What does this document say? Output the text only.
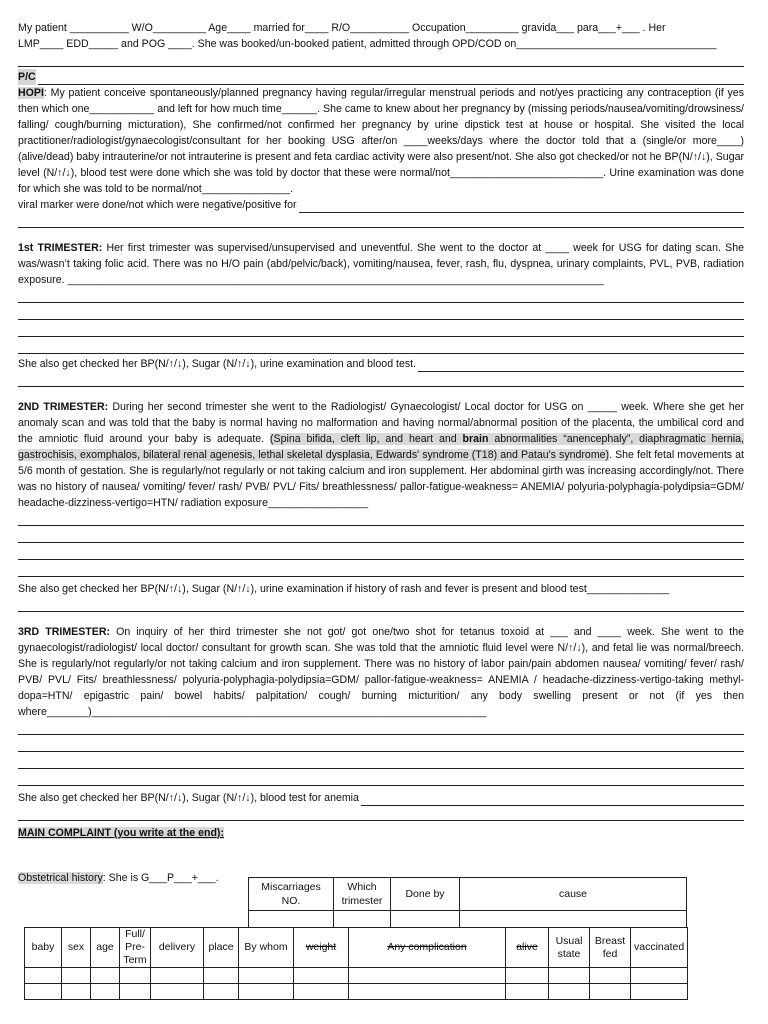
My patient __________ W/O_________ Age____ married for____ R/O__________ Occupation_________ gravida___ para___+___ . Her

LMP____ EDD_____ and POG ____. She was booked/un-booked patient, admitted through OPD/COD on__________________________________

P/C

HOPI: My patient conceive spontaneously/planned pregnancy having regular/irregular menstrual periods and not/yes practicing any contraception (if yes then which one___________ and left for how much time______. She came to knew about her pregnancy by (missing periods/nausea/vomiting/drowsiness/ falling/ cough/burning micturation), She confirmed/not confirmed her pregnancy by urine dipstick test at house or hospital. She visited the local practitioner/radiologist/gynaecologist/consultant for her booking USG after/on ____weeks/days where the doctor told that a (single/or more____) (alive/dead) baby intrauterine/or not intrauterine is present and feta cardiac activity were also present/not. She also got checked/or not he BP(N/↑/↓), Sugar level (N/↑/↓), blood test were done which she was told by doctor that these were normal/not__________________________. Urine examination was done for which she was told to be normal/not_______________.

viral marker were done/not which were negative/positive for

1st TRIMESTER: Her first trimester was supervised/unsupervised and uneventful. She went to the doctor at ____ week for USG for dating scan. She was/wasn’t taking folic acid. There was no H/O pain (abd/pelvic/back), vomiting/nausea, fever, rash, flu, dyspnea, urinary complaints, PVL, PVB, radiation exposure. ___________________________________________________________________________________________

She also get checked her BP(N/↑/↓), Sugar (N/↑/↓), urine examination and blood test.

2ND TRIMESTER: During her second trimester she went to the Radiologist/ Gynaecologist/ Local doctor for USG on _____ week. Where she get her anomaly scan and was told that the baby is normal having no malformation and having normal/abnormal position of the placenta, the umbilical cord and the amniotic fluid around your baby is adequate. (Spina bifida, cleft lip, and heart and brain abnormalities “anencephaly”, diaphragmatic hernia, gastrochisis, exomphalos, bilateral renal agenesis, lethal skeletal dysplasia, Edwards' syndrome (T18) and Patau's syndrome). She felt fetal movements at 5/6 month of gestation. She is regularly/not regularly or not taking calcium and iron supplement. Her abdominal girth was increasing accordingly/not. There was no history of nausea/ vomiting/ fever/ rash/ PVB/ PVL/ Fits/ breathlessness/ pallor-fatigue-weakness= ANEMIA/ polyuria-polyphagia-polydipsia=GDM/ headache-dizziness-vertigo=HTN/ radiation exposure_________________

She also get checked her BP(N/↑/↓), Sugar (N/↑/↓), urine examination if history of rash and fever is present and blood test______________

3RD TRIMESTER: On inquiry of her third trimester she not got/ got one/two shot for tetanus toxoid at ___ and ____ week. She went to the gynaecologist/radiologist/ local doctor/ consultant for growth scan. She was told that the amniotic fluid level were N/↑/↓), and fetal lie was normal/breech. She is regularly/not regularly/or not taking calcium and iron supplement. There was no history of labor pain/pain abdomen nausea/ vomiting/ fever/ rash/ PVB/ PVL/ Fits/ breathlessness/ polyuria-polyphagia-polydipsia=GDM/ pallor-fatigue-weakness= ANEMIA / headache-dizziness-vertigo-taking methyl-dopa=HTN/ epigastric pain/ bowel habits/ palpitation/ cough/ burning micturition/ any body swelling present or not (if yes then where_______)___________________________________________________________________

She also get checked her BP(N/↑/↓), Sugar (N/↑/↓), blood test for anemia

MAIN COMPLAINT (you write at the end):

Obstetrical history: She is G___P___+___.
Miscarriages NO.	Which trimester	Done by	cause

baby	sex	age	Full/ Pre-Term	delivery	place	By whom	weight	Any complication	alive	Usual state	Breast fed	vaccinated
